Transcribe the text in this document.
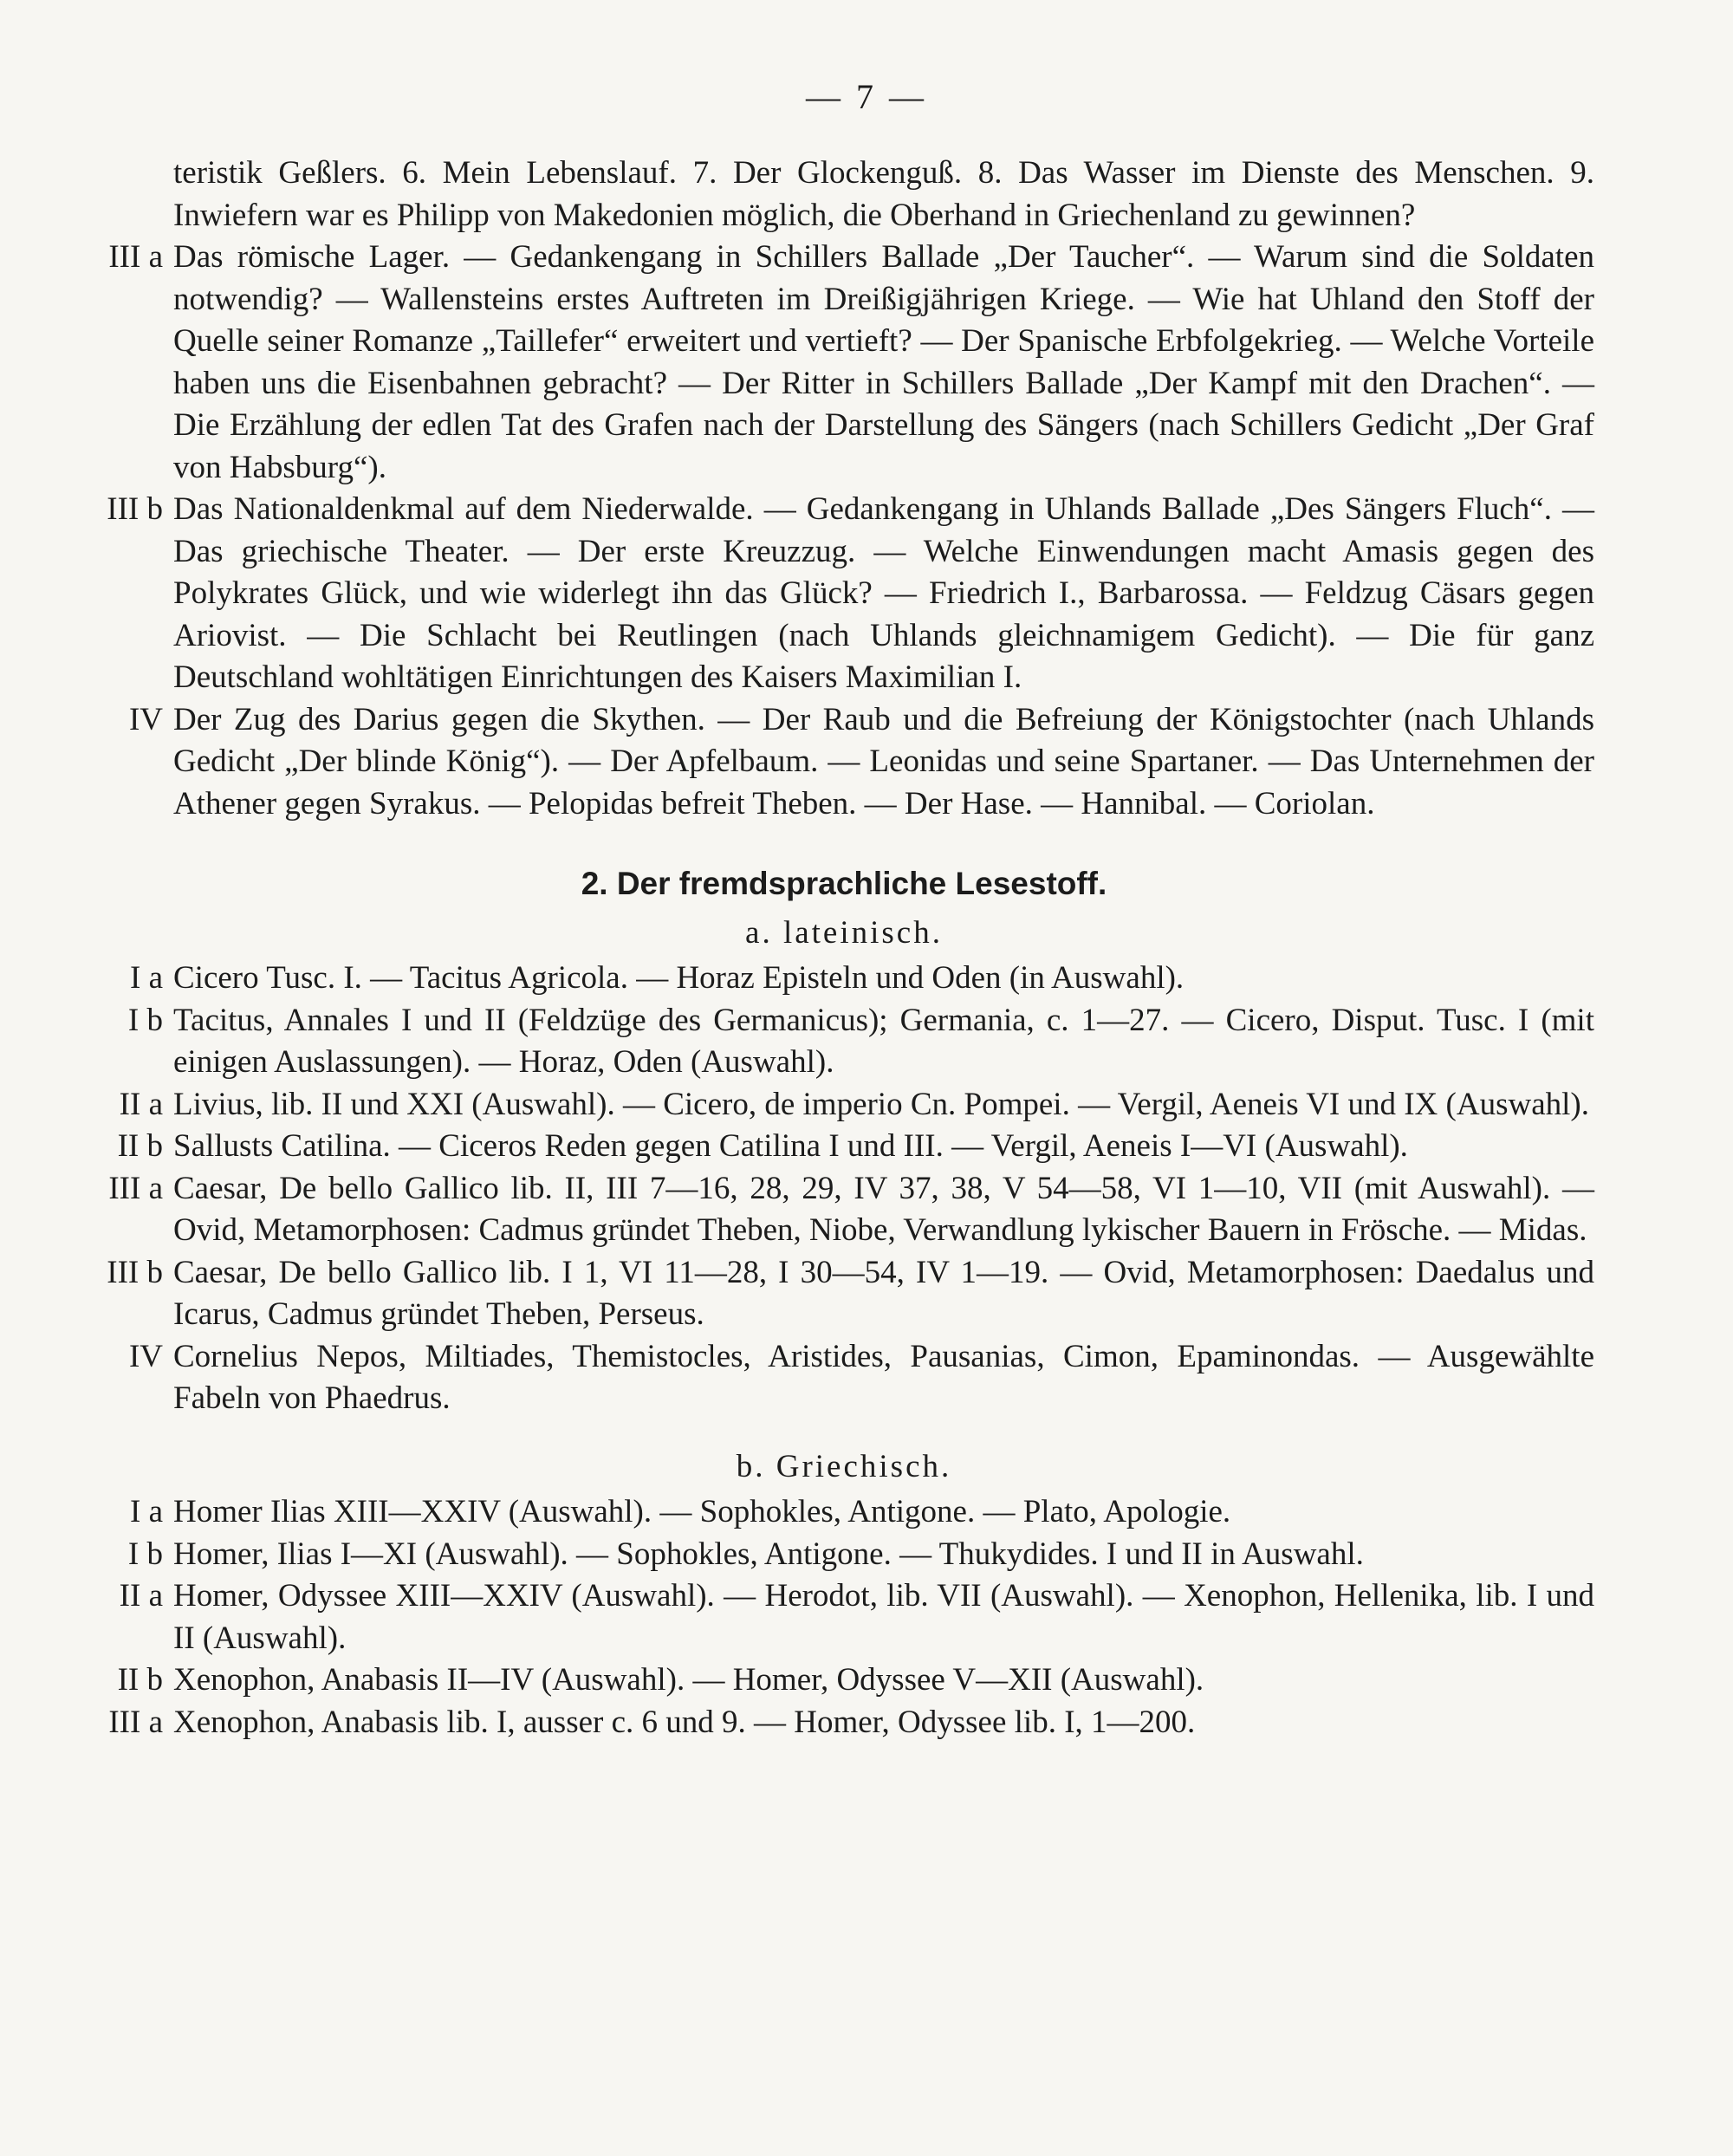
— 7 —
teristik Geßlers. 6. Mein Lebenslauf. 7. Der Glockenguß. 8. Das Wasser im Dienste des Menschen. 9. Inwiefern war es Philipp von Makedonien möglich, die Oberhand in Griechenland zu gewinnen?
III a Das römische Lager. — Gedankengang in Schillers Ballade „Der Taucher“. — Warum sind die Soldaten notwendig? — Wallensteins erstes Auftreten im Dreißigjährigen Kriege. — Wie hat Uhland den Stoff der Quelle seiner Romanze „Taillefer“ erweitert und vertieft? — Der Spanische Erbfolgekrieg. — Welche Vorteile haben uns die Eisenbahnen gebracht? — Der Ritter in Schillers Ballade „Der Kampf mit den Drachen“. — Die Erzählung der edlen Tat des Grafen nach der Darstellung des Sängers (nach Schillers Gedicht „Der Graf von Habsburg“).
III b Das Nationaldenkmal auf dem Niederwalde. — Gedankengang in Uhlands Ballade „Des Sängers Fluch“. — Das griechische Theater. — Der erste Kreuzzug. — Welche Einwendungen macht Amasis gegen des Polykrates Glück, und wie widerlegt ihn das Glück? — Friedrich I., Barbarossa. — Feldzug Cäsars gegen Ariovist. — Die Schlacht bei Reutlingen (nach Uhlands gleichnamigem Gedicht). — Die für ganz Deutschland wohltätigen Einrichtungen des Kaisers Maximilian I.
IV Der Zug des Darius gegen die Skythen. — Der Raub und die Befreiung der Königstochter (nach Uhlands Gedicht „Der blinde König“). — Der Apfelbaum. — Leonidas und seine Spartaner. — Das Unternehmen der Athener gegen Syrakus. — Pelopidas befreit Theben. — Der Hase. — Hannibal. — Coriolan.
2. Der fremdsprachliche Lesestoff.
a. lateinisch.
I a Cicero Tusc. I. — Tacitus Agricola. — Horaz Episteln und Oden (in Auswahl).
I b Tacitus, Annales I und II (Feldzüge des Germanicus); Germania, c. 1—27. — Cicero, Disput. Tusc. I (mit einigen Auslassungen). — Horaz, Oden (Auswahl).
II a Livius, lib. II und XXI (Auswahl). — Cicero, de imperio Cn. Pompei. — Vergil, Aeneis VI und IX (Auswahl).
II b Sallusts Catilina. — Ciceros Reden gegen Catilina I und III. — Vergil, Aeneis I—VI (Auswahl).
III a Caesar, De bello Gallico lib. II, III 7—16, 28, 29, IV 37, 38, V 54—58, VI 1—10, VII (mit Auswahl). — Ovid, Metamorphosen: Cadmus gründet Theben, Niobe, Verwandlung lykischer Bauern in Frösche. — Midas.
III b Caesar, De bello Gallico lib. I 1, VI 11—28, I 30—54, IV 1—19. — Ovid, Metamorphosen: Daedalus und Icarus, Cadmus gründet Theben, Perseus.
IV Cornelius Nepos, Miltiades, Themistocles, Aristides, Pausanias, Cimon, Epaminondas. — Ausgewählte Fabeln von Phaedrus.
b. Griechisch.
I a Homer Ilias XIII—XXIV (Auswahl). — Sophokles, Antigone. — Plato, Apologie.
I b Homer, Ilias I—XI (Auswahl). — Sophokles, Antigone. — Thukydides. I und II in Auswahl.
II a Homer, Odyssee XIII—XXIV (Auswahl). — Herodot, lib. VII (Auswahl). — Xenophon, Hellenika, lib. I und II (Auswahl).
II b Xenophon, Anabasis II—IV (Auswahl). — Homer, Odyssee V—XII (Auswahl).
III a Xenophon, Anabasis lib. I, ausser c. 6 und 9. — Homer, Odyssee lib. I, 1—200.
